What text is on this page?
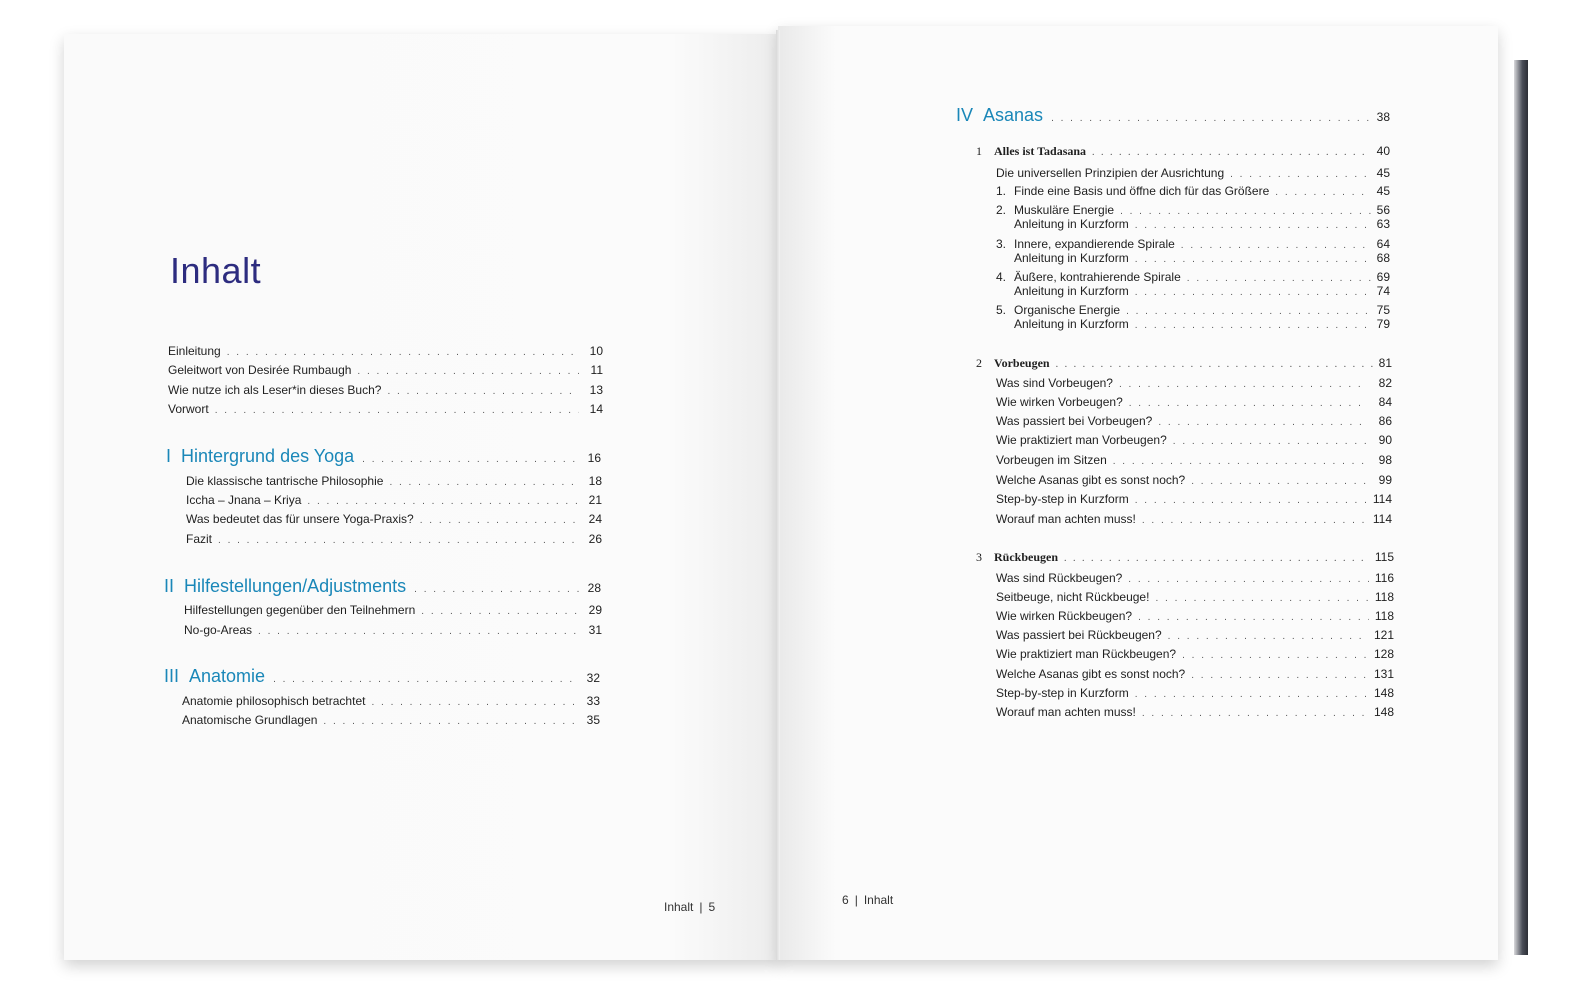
Inhalt
Einleitung . . .	10
Geleitwort von Desirée Rumbaugh . . .	11
Wie nutze ich als Leser*in dieses Buch? . . .	13
Vorwort . . .	14
I Hintergrund des Yoga . . .	16
Die klassische tantrische Philosophie . . .	18
Iccha – Jnana – Kriya . . .	21
Was bedeutet das für unsere Yoga-Praxis? . . .	24
Fazit . . .	26
II Hilfestellungen/Adjustments . . .	28
Hilfestellungen gegenüber den Teilnehmern . . .	29
No-go-Areas . . .	31
III Anatomie . . .	32
Anatomie philosophisch betrachtet . . .	33
Anatomische Grundlagen . . .	35
Inhalt | 5
IV Asanas . . .	38
1	Alles ist Tadasana . . .	40
Die universellen Prinzipien der Ausrichtung . . .	45
1. Finde eine Basis und öffne dich für das Größere . . .	45
2. Muskuläre Energie . . .	56
Anleitung in Kurzform . . .	63
3. Innere, expandierende Spirale . . .	64
Anleitung in Kurzform . . .	68
4. Äußere, kontrahierende Spirale . . .	69
Anleitung in Kurzform . . .	74
5. Organische Energie . . .	75
Anleitung in Kurzform . . .	79
2	Vorbeugen . . .	81
Was sind Vorbeugen? . . .	82
Wie wirken Vorbeugen? . . .	84
Was passiert bei Vorbeugen? . . .	86
Wie praktiziert man Vorbeugen? . . .	90
Vorbeugen im Sitzen . . .	98
Welche Asanas gibt es sonst noch? . . .	99
Step-by-step in Kurzform . . .	114
Worauf man achten muss! . . .	114
3	Rückbeugen . . .	115
Was sind Rückbeugen? . . .	116
Seitbeuge, nicht Rückbeuge! . . .	118
Wie wirken Rückbeugen? . . .	118
Was passiert bei Rückbeugen? . . .	121
Wie praktiziert man Rückbeugen? . . .	128
Welche Asanas gibt es sonst noch? . . .	131
Step-by-step in Kurzform . . .	148
Worauf man achten muss! . . .	148
6 | Inhalt
